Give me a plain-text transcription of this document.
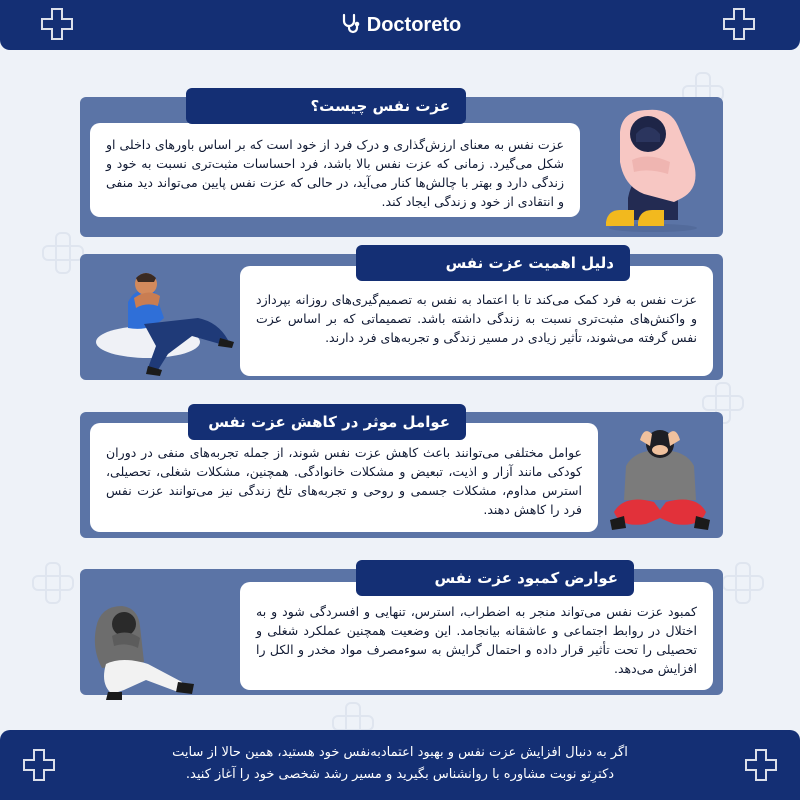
Doctoreto
عزت نفس به معنای ارزش‌گذاری و درک فرد از خود است که بر اساس باورهای داخلی او شکل می‌گیرد. زمانی که عزت نفس بالا باشد، فرد احساسات مثبت‌تری نسبت به خود و زندگی دارد و بهتر با چالش‌ها کنار می‌آید، در حالی که عزت نفس پایین می‌تواند دید منفی و انتقادی از خود و زندگی ایجاد کند.
عزت نفس چیست؟
عزت نفس به فرد کمک می‌کند تا با اعتماد به نفس به تصمیم‌گیری‌های روزانه بپردازد و واکنش‌های مثبت‌تری نسبت به زندگی داشته باشد. تصمیماتی که بر اساس عزت نفس گرفته می‌شوند، تأثیر زیادی در مسیر زندگی و تجربه‌های فرد دارند.
دلیل اهمیت عزت نفس
عوامل مختلفی می‌توانند باعث کاهش عزت نفس شوند، از جمله تجربه‌های منفی در دوران کودکی مانند آزار و اذیت، تبعیض و مشکلات خانوادگی. همچنین، مشکلات شغلی، تحصیلی، استرس مداوم، مشکلات جسمی و روحی و تجربه‌های تلخ زندگی نیز می‌توانند عزت نفس فرد را کاهش دهند.
عوامل موثر در کاهش عزت نفس
کمبود عزت نفس می‌تواند منجر به اضطراب، استرس، تنهایی و افسردگی شود و به اختلال در روابط اجتماعی و عاشقانه بیانجامد. این وضعیت همچنین عملکرد شغلی و تحصیلی را تحت تأثیر قرار داده و احتمال گرایش به سوءمصرف مواد مخدر و الکل را افزایش می‌دهد.
عوارض کمبود عزت نفس
اگر به دنبال افزایش عزت نفس و بهبود اعتمادبه‌نفس خود هستید، همین حالا از سایت
دکترِتو نوبت مشاوره با روانشناس بگیرید و مسیر رشد شخصی خود را آغاز کنید.
